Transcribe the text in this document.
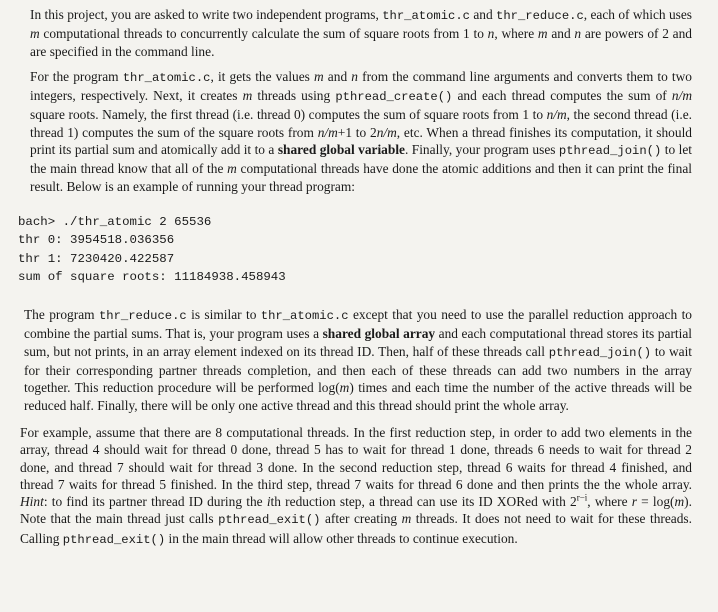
In this project, you are asked to write two independent programs, thr_atomic.c and thr_reduce.c, each of which uses m computational threads to concurrently calculate the sum of square roots from 1 to n, where m and n are powers of 2 and are specified in the command line.

For the program thr_atomic.c, it gets the values m and n from the command line arguments and converts them to two integers, respectively. Next, it creates m threads using pthread_create() and each thread computes the sum of n/m square roots. Namely, the first thread (i.e. thread 0) computes the sum of square roots from 1 to n/m, the second thread (i.e. thread 1) computes the sum of the square roots from n/m+1 to 2n/m, etc. When a thread finishes its computation, it should print its partial sum and atomically add it to a shared global variable. Finally, your program uses pthread_join() to let the main thread know that all of the m computational threads have done the atomic additions and then it can print the final result. Below is an example of running your thread program:

bach> ./thr_atomic 2 65536
thr 0: 3954518.036356
thr 1: 7230420.422587
sum of square roots: 11184938.458943

The program thr_reduce.c is similar to thr_atomic.c except that you need to use the parallel reduction approach to combine the partial sums. That is, your program uses a shared global array and each computational thread stores its partial sum, but not prints, in an array element indexed on its thread ID. Then, half of these threads call pthread_join() to wait for their corresponding partner threads completion, and then each of these threads can add two numbers in the array together. This reduction procedure will be performed log(m) times and each time the number of the active threads will be reduced half. Finally, there will be only one active thread and this thread should print the whole array.

For example, assume that there are 8 computational threads. In the first reduction step, in order to add two elements in the array, thread 4 should wait for thread 0 done, thread 5 has to wait for thread 1 done, threads 6 needs to wait for thread 2 done, and thread 7 should wait for thread 3 done. In the second reduction step, thread 6 waits for thread 4 finished, and thread 7 waits for thread 5 finished. In the third step, thread 7 waits for thread 6 done and then prints the the whole array. Hint: to find its partner thread ID during the ith reduction step, a thread can use its ID XORed with $2^{r-i}$, where r = log(m). Note that the main thread just calls pthread_exit() after creating m threads. It does not need to wait for these threads. Calling pthread_exit() in the main thread will allow other threads to continue execution.
